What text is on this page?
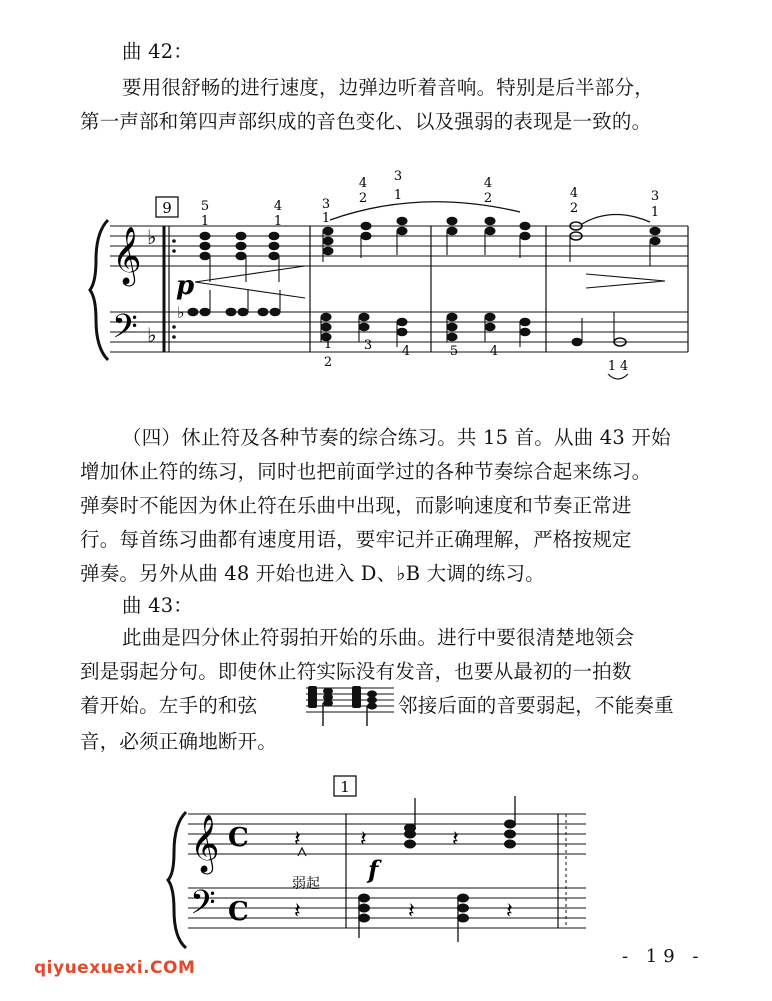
曲 42：
要用很舒畅的进行速度，边弹边听着音响。特别是后半部分，
第一声部和第四声部织成的音色变化、以及强弱的表现是一致的。
9 5
1
4
1
3
1
4
2
3
1
4
2	4
2
3
1
𝄞
𝄢
♭
♭
p
♭
1
2
3 4	5 4
1 4
（四）休止符及各种节奏的综合练习。共 15 首。从曲 43 开始
增加休止符的练习，同时也把前面学过的各种节奏综合起来练习。
弹奏时不能因为休止符在乐曲中出现，而影响速度和节奏正常进
行。每首练习曲都有速度用语，要牢记并正确理解，严格按规定
弹奏。另外从曲 48 开始也进入 D、♭B 大调的练习。
曲 43：
此曲是四分休止符弱拍开始的乐曲。进行中要很清楚地领会
到是弱起分句。即使休止符实际没有发音，也要从最初的一拍数
着开始。左手的和弦	邻接后面的音要弱起，不能奏重
音，必须正确地断开。
1
𝄞
𝄢
C
C
𝄽	𝄽	𝄽
𝄽	𝄽	𝄽
f
弱起
- 19 -
qiyuexuexi.COM
